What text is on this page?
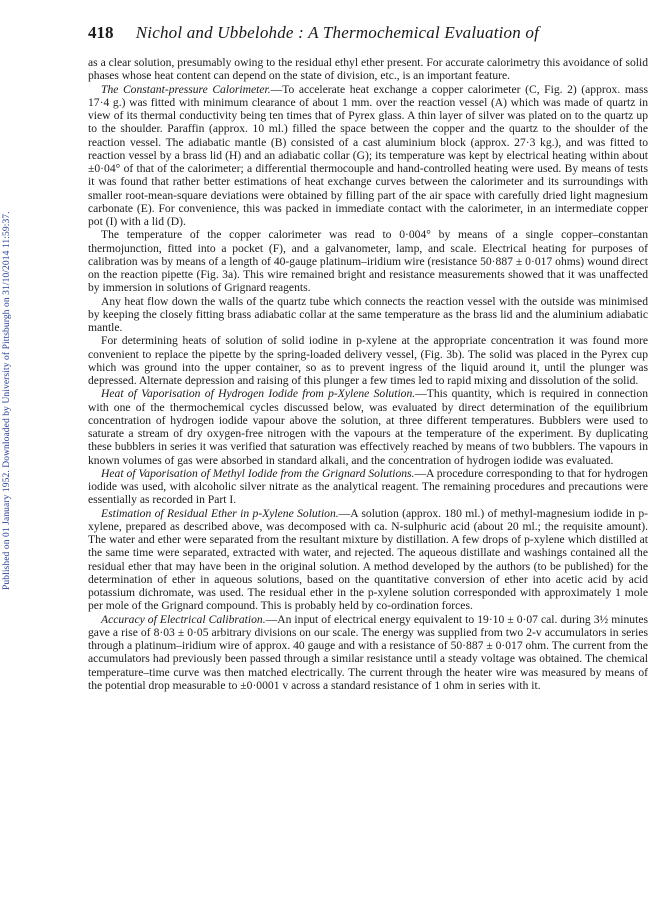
Published on 01 January 1952. Downloaded by University of Pittsburgh on 31/10/2014 11:59:37.
418 Nichol and Ubbelohde : A Thermochemical Evaluation of

as a clear solution, presumably owing to the residual ethyl ether present. For accurate calorimetry this avoidance of solid phases whose heat content can depend on the state of division, etc., is an important feature.

The Constant-pressure Calorimeter.—To accelerate heat exchange a copper calorimeter (C, Fig. 2) (approx. mass 17·4 g.) was fitted with minimum clearance of about 1 mm. over the reaction vessel (A) which was made of quartz in view of its thermal conductivity being ten times that of Pyrex glass. A thin layer of silver was plated on to the quartz up to the shoulder. Paraffin (approx. 10 ml.) filled the space between the copper and the quartz to the shoulder of the reaction vessel. The adiabatic mantle (B) consisted of a cast aluminium block (approx. 27·3 kg.), and was fitted to reaction vessel by a brass lid (H) and an adiabatic collar (G); its temperature was kept by electrical heating within about ±0·04° of that of the calorimeter; a differential thermocouple and hand-controlled heating were used. By means of tests it was found that rather better estimations of heat exchange curves between the calorimeter and its surroundings with smaller root-mean-square deviations were obtained by filling part of the air space with carefully dried light magnesium carbonate (E). For convenience, this was packed in immediate contact with the calorimeter, in an intermediate copper pot (I) with a lid (D).

The temperature of the copper calorimeter was read to 0·004° by means of a single copper–constantan thermojunction, fitted into a pocket (F), and a galvanometer, lamp, and scale. Electrical heating for purposes of calibration was by means of a length of 40-gauge platinum–iridium wire (resistance 50·887 ± 0·017 ohms) wound direct on the reaction pipette (Fig. 3a). This wire remained bright and resistance measurements showed that it was unaffected by immersion in solutions of Grignard reagents.

Any heat flow down the walls of the quartz tube which connects the reaction vessel with the outside was minimised by keeping the closely fitting brass adiabatic collar at the same temperature as the brass lid and the aluminium adiabatic mantle.

For determining heats of solution of solid iodine in p-xylene at the appropriate concentration it was found more convenient to replace the pipette by the spring-loaded delivery vessel, (Fig. 3b). The solid was placed in the Pyrex cup which was ground into the upper container, so as to prevent ingress of the liquid around it, until the plunger was depressed. Alternate depression and raising of this plunger a few times led to rapid mixing and dissolution of the solid.

Heat of Vaporisation of Hydrogen Iodide from p-Xylene Solution.—This quantity, which is required in connection with one of the thermochemical cycles discussed below, was evaluated by direct determination of the equilibrium concentration of hydrogen iodide vapour above the solution, at three different temperatures. Bubblers were used to saturate a stream of dry oxygen-free nitrogen with the vapours at the temperature of the experiment. By duplicating these bubblers in series it was verified that saturation was effectively reached by means of two bubblers. The vapours in known volumes of gas were absorbed in standard alkali, and the concentration of hydrogen iodide was evaluated.

Heat of Vaporisation of Methyl Iodide from the Grignard Solutions.—A procedure corresponding to that for hydrogen iodide was used, with alcoholic silver nitrate as the analytical reagent. The remaining procedures and precautions were essentially as recorded in Part I.

Estimation of Residual Ether in p-Xylene Solution.—A solution (approx. 180 ml.) of methyl-magnesium iodide in p-xylene, prepared as described above, was decomposed with ca. N-sulphuric acid (about 20 ml.; the requisite amount). The water and ether were separated from the resultant mixture by distillation. A few drops of p-xylene which distilled at the same time were separated, extracted with water, and rejected. The aqueous distillate and washings contained all the residual ether that may have been in the original solution. A method developed by the authors (to be published) for the determination of ether in aqueous solutions, based on the quantitative conversion of ether into acetic acid by acid potassium dichromate, was used. The residual ether in the p-xylene solution corresponded with approximately 1 mole per mole of the Grignard compound. This is probably held by co-ordination forces.

Accuracy of Electrical Calibration.—An input of electrical energy equivalent to 19·10 ± 0·07 cal. during 3½ minutes gave a rise of 8·03 ± 0·05 arbitrary divisions on our scale. The energy was supplied from two 2-v accumulators in series through a platinum–iridium wire of approx. 40 gauge and with a resistance of 50·887 ± 0·017 ohm. The current from the accumulators had previously been passed through a similar resistance until a steady voltage was obtained. The chemical temperature–time curve was then matched electrically. The current through the heater wire was measured by means of the potential drop measurable to ±0·0001 v across a standard resistance of 1 ohm in series with it.
